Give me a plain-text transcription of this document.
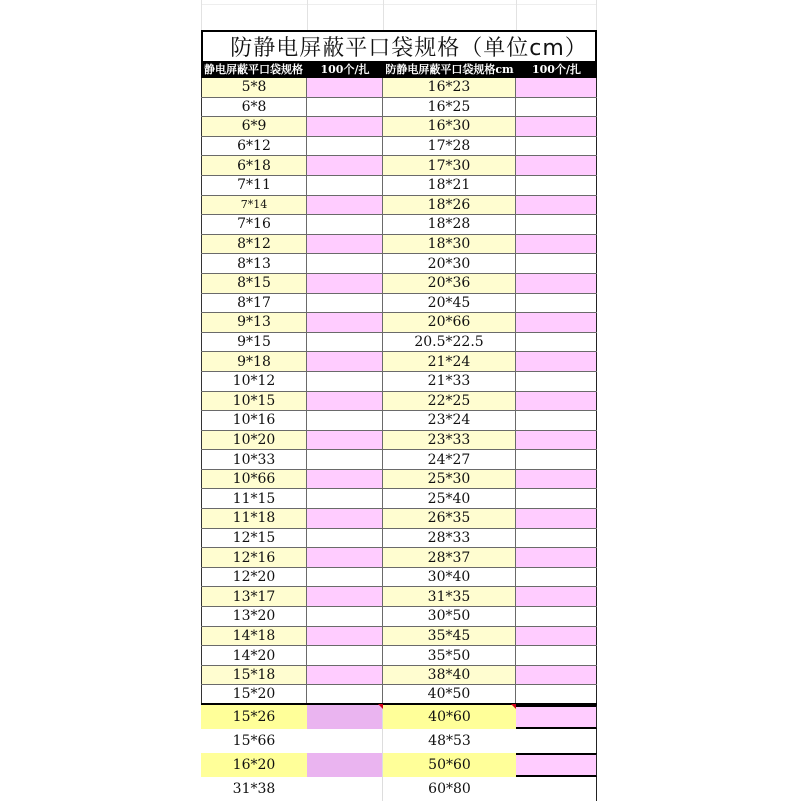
防静电屏蔽平口袋规格（单位cm）
静电屏蔽平口袋规格	100个/扎	防静电屏蔽平口袋规格cm	100个/扎
5*8	16*23
6*8	16*25
6*9	16*30
6*12	17*28
6*18	17*30
7*11	18*21
7*14	18*26
7*16	18*28
8*12	18*30
8*13	20*30
8*15	20*36
8*17	20*45
9*13	20*66
9*15	20.5*22.5
9*18	21*24
10*12	21*33
10*15	22*25
10*16	23*24
10*20	23*33
10*33	24*27
10*66	25*30
11*15	25*40
11*18	26*35
12*15	28*33
12*16	28*37
12*20	30*40
13*17	31*35
13*20	30*50
14*18	35*45
14*20	35*50
15*18	38*40
15*20	40*50
15*26	40*60
15*66	48*53
16*20	50*60
31*38	60*80
